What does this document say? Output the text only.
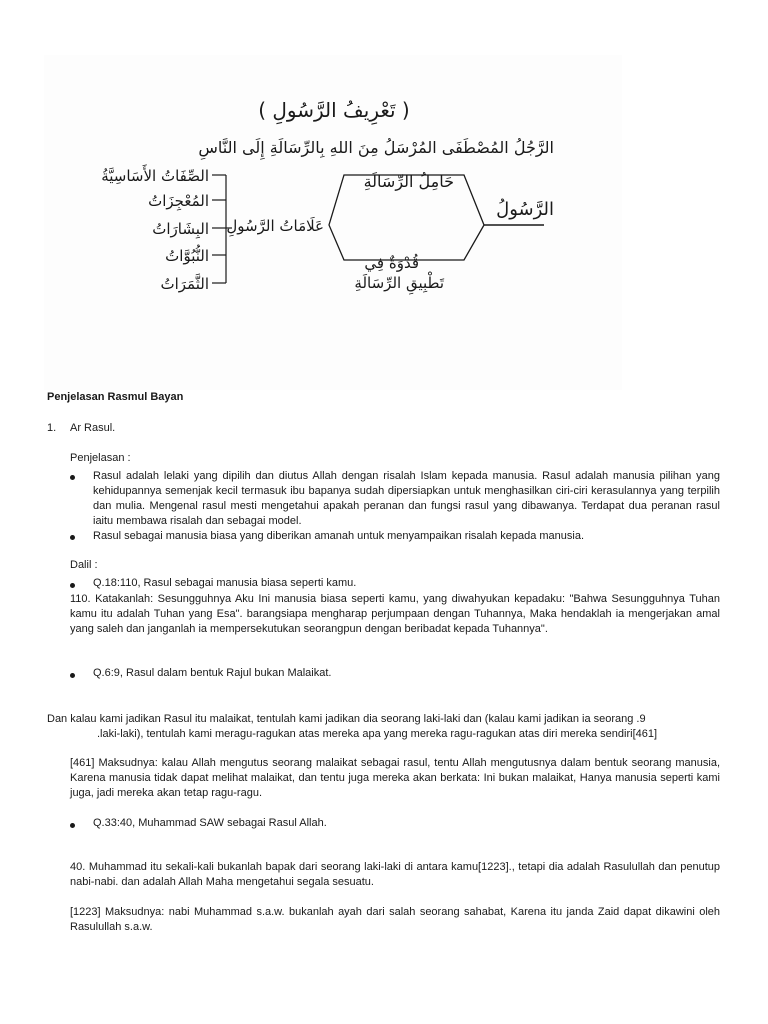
( تَعْرِيفُ الرَّسُولِ )
الرَّجُلُ المُصْطَفَى المُرْسَلُ مِنَ اللهِ بِالرِّسَالَةِ إِلَى النَّاسِ
الرَّسُولُ
حَامِلُ الرِّسَالَةِ
قُدْوَةٌ فِي
تَطْبِيقِ الرِّسَالَةِ
عَلَامَاتُ الرَّسُولِ
الصِّفَاتُ الأَسَاسِيَّةُ
المُعْجِزَاتُ
البِشَارَاتُ
النُّبُوَّاتُ
الثَّمَرَاتُ
Penjelasan Rasmul Bayan
1. Ar Rasul.
Penjelasan :
Rasul adalah lelaki yang dipilih dan diutus Allah dengan risalah Islam kepada manusia. Rasul adalah manusia pilihan yang kehidupannya semenjak kecil termasuk ibu bapanya sudah dipersiapkan untuk menghasilkan ciri-ciri kerasulannya yang terpilih dan mulia. Mengenal rasul mesti mengetahui apakah peranan dan fungsi rasul yang dibawanya. Terdapat dua peranan rasul iaitu membawa risalah dan sebagai model.
Rasul sebagai manusia biasa yang diberikan amanah untuk menyampaikan risalah kepada manusia.
Dalil :
Q.18:110, Rasul sebagai manusia biasa seperti kamu.
110. Katakanlah: Sesungguhnya Aku Ini manusia biasa seperti kamu, yang diwahyukan kepadaku: "Bahwa Sesungguhnya Tuhan kamu itu adalah Tuhan yang Esa". barangsiapa mengharap perjumpaan dengan Tuhannya, Maka hendaklah ia mengerjakan amal yang saleh dan janganlah ia mempersekutukan seorangpun dengan beribadat kepada Tuhannya".
Q.6:9, Rasul dalam bentuk Rajul bukan Malaikat.
Dan kalau kami jadikan Rasul itu malaikat, tentulah kami jadikan dia seorang laki-laki dan (kalau kami jadikan ia seorang .9
.laki-laki), tentulah kami meragu-ragukan atas mereka apa yang mereka ragu-ragukan atas diri mereka sendiri[461]
[461] Maksudnya: kalau Allah mengutus seorang malaikat sebagai rasul, tentu Allah mengutusnya dalam bentuk seorang manusia, Karena manusia tidak dapat melihat malaikat, dan tentu juga mereka akan berkata: Ini bukan malaikat, Hanya manusia seperti kami juga, jadi mereka akan tetap ragu-ragu.
Q.33:40, Muhammad SAW sebagai Rasul Allah.
40. Muhammad itu sekali-kali bukanlah bapak dari seorang laki-laki di antara kamu[1223]., tetapi dia adalah Rasulullah dan penutup nabi-nabi. dan adalah Allah Maha mengetahui segala sesuatu.
[1223] Maksudnya: nabi Muhammad s.a.w. bukanlah ayah dari salah seorang sahabat, Karena itu janda Zaid dapat dikawini oleh Rasulullah s.a.w.
